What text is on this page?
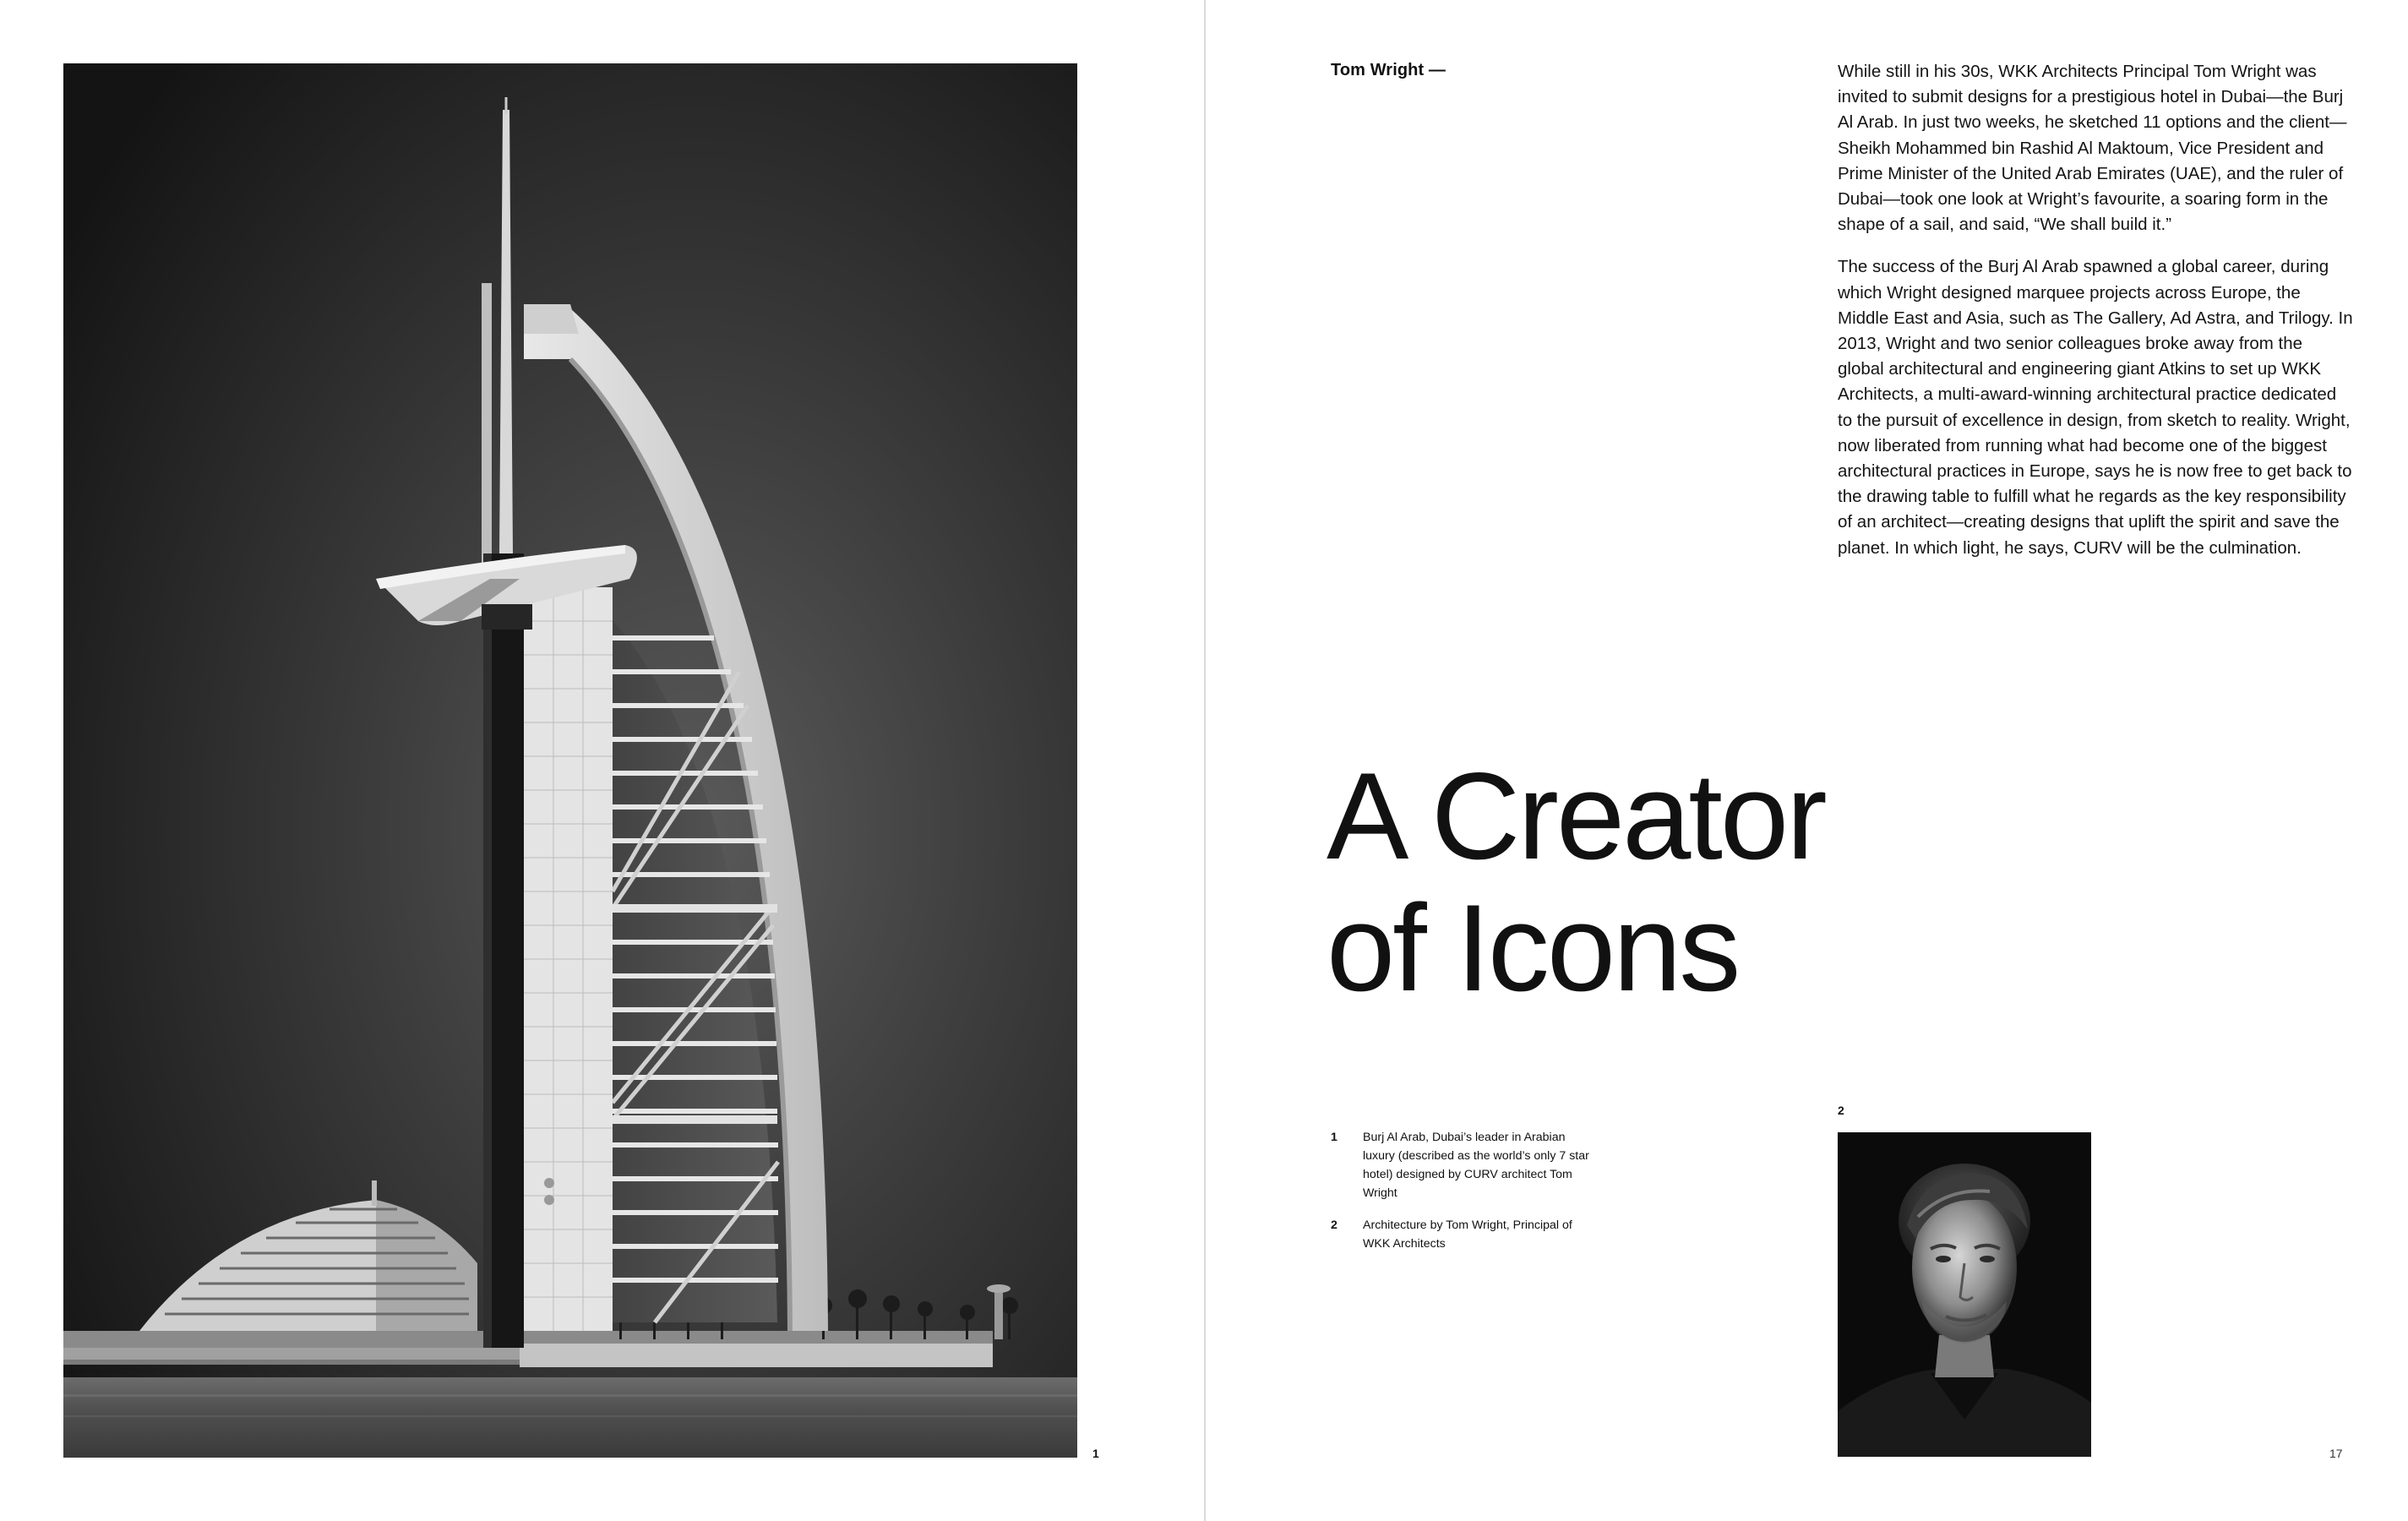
1
Tom Wright —	While still in his 30s, WKK Architects Principal Tom Wright was invited to submit designs for a prestigious hotel in Dubai—the Burj Al Arab. In just two weeks, he sketched 11 options and the client—Sheikh Mohammed bin Rashid Al Maktoum, Vice President and Prime Minister of the United Arab Emirates (UAE), and the ruler of Dubai—took one look at Wright’s favourite, a soaring form in the shape of a sail, and said, “We shall build it.”

The success of the Burj Al Arab spawned a global career, during which Wright designed marquee projects across Europe, the Middle East and Asia, such as The Gallery, Ad Astra, and Trilogy. In 2013, Wright and two senior colleagues broke away from the global architectural and engineering giant Atkins to set up WKK Architects, a multi-award-winning architectural practice dedicated to the pursuit of excellence in design, from sketch to reality. Wright, now liberated from running what had become one of the biggest architectural practices in Europe, says he is now free to get back to the drawing table to fulfill what he regards as the key responsibility of an architect—creating designs that uplift the spirit and save the planet. In which light, he says, CURV will be the culmination.

A Creator
of Icons
1	Burj Al Arab, Dubai’s leader in Arabian luxury (described as the world’s only 7 star hotel) designed by CURV architect Tom Wright
2	Architecture by Tom Wright, Principal of WKK Architects
2
17
